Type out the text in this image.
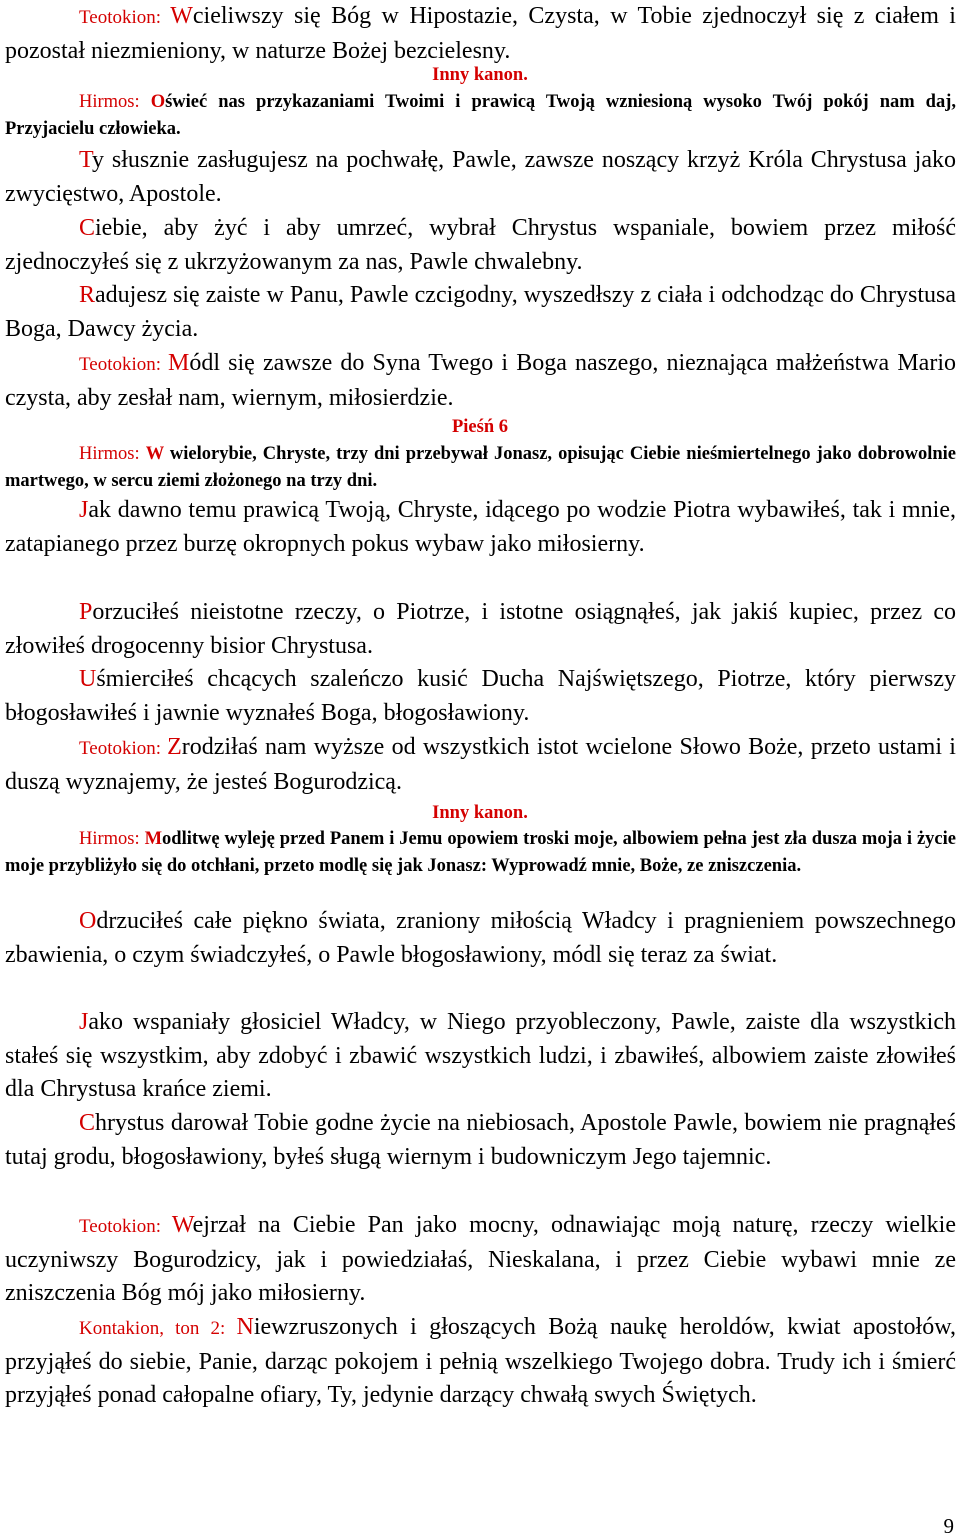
Teotokion: Wcieliwszy się Bóg w Hipostazie, Czysta, w Tobie zjednoczył się z ciałem i pozostał niezmieniony, w naturze Bożej bezcielesny.

Inny kanon.

Hirmos: Oświeć nas przykazaniami Twoimi i prawicą Twoją wzniesioną wysoko Twój pokój nam daj, Przyjacielu człowieka.

Ty słusznie zasługujesz na pochwałę, Pawle, zawsze noszący krzyż Króla Chrystusa jako zwycięstwo, Apostole.

Ciebie, aby żyć i aby umrzeć, wybrał Chrystus wspaniale, bowiem przez miłość zjednoczyłeś się z ukrzyżowanym za nas, Pawle chwalebny.

Radujesz się zaiste w Panu, Pawle czcigodny, wyszedłszy z ciała i odchodząc do Chrystusa Boga, Dawcy życia.

Teotokion: Módl się zawsze do Syna Twego i Boga naszego, nieznająca małżeństwa Mario czysta, aby zesłał nam, wiernym, miłosierdzie.

Pieśń 6

Hirmos: W wielorybie, Chryste, trzy dni przebywał Jonasz, opisując Ciebie nieśmiertelnego jako dobrowolnie martwego, w sercu ziemi złożonego na trzy dni.

Jak dawno temu prawicą Twoją, Chryste, idącego po wodzie Piotra wybawiłeś, tak i mnie, zatapianego przez burzę okropnych pokus wybaw jako miłosierny.

Porzuciłeś nieistotne rzeczy, o Piotrze, i istotne osiągnąłeś, jak jakiś kupiec, przez co złowiłeś drogocenny bisior Chrystusa.

Uśmierciłeś chcących szaleńczo kusić Ducha Najświętszego, Piotrze, który pierwszy błogosławiłeś i jawnie wyznałeś Boga, błogosławiony.

Teotokion: Zrodziłaś nam wyższe od wszystkich istot wcielone Słowo Boże, przeto ustami i duszą wyznajemy, że jesteś Bogurodzicą.

Inny kanon.

Hirmos: Modlitwę wyleję przed Panem i Jemu opowiem troski moje, albowiem pełna jest zła dusza moja i życie moje przybliżyło się do otchłani, przeto modlę się jak Jonasz: Wyprowadź mnie, Boże, ze zniszczenia.

Odrzuciłeś całe piękno świata, zraniony miłością Władcy i pragnieniem powszechnego zbawienia, o czym świadczyłeś, o Pawle błogosławiony, módl się teraz za świat.

Jako wspaniały głosiciel Władcy, w Niego przyobleczony, Pawle, zaiste dla wszystkich stałeś się wszystkim, aby zdobyć i zbawić wszystkich ludzi, i zbawiłeś, albowiem zaiste złowiłeś dla Chrystusa krańce ziemi.

Chrystus darował Tobie godne życie na niebiosach, Apostole Pawle, bowiem nie pragnąłeś tutaj grodu, błogosławiony, byłeś sługą wiernym i budowniczym Jego tajemnic.

Teotokion: Wejrzał na Ciebie Pan jako mocny, odnawiając moją naturę, rzeczy wielkie uczyniwszy Bogurodzicy, jak i powiedziałaś, Nieskalana, i przez Ciebie wybawi mnie ze zniszczenia Bóg mój jako miłosierny.

Kontakion, ton 2: Niewzruszonych i głoszących Bożą naukę heroldów, kwiat apostołów, przyjąłeś do siebie, Panie, darząc pokojem i pełnią wszelkiego Twojego dobra. Trudy ich i śmierć przyjąłeś ponad całopalne ofiary, Ty, jedynie darzący chwałą swych Świętych.

9
